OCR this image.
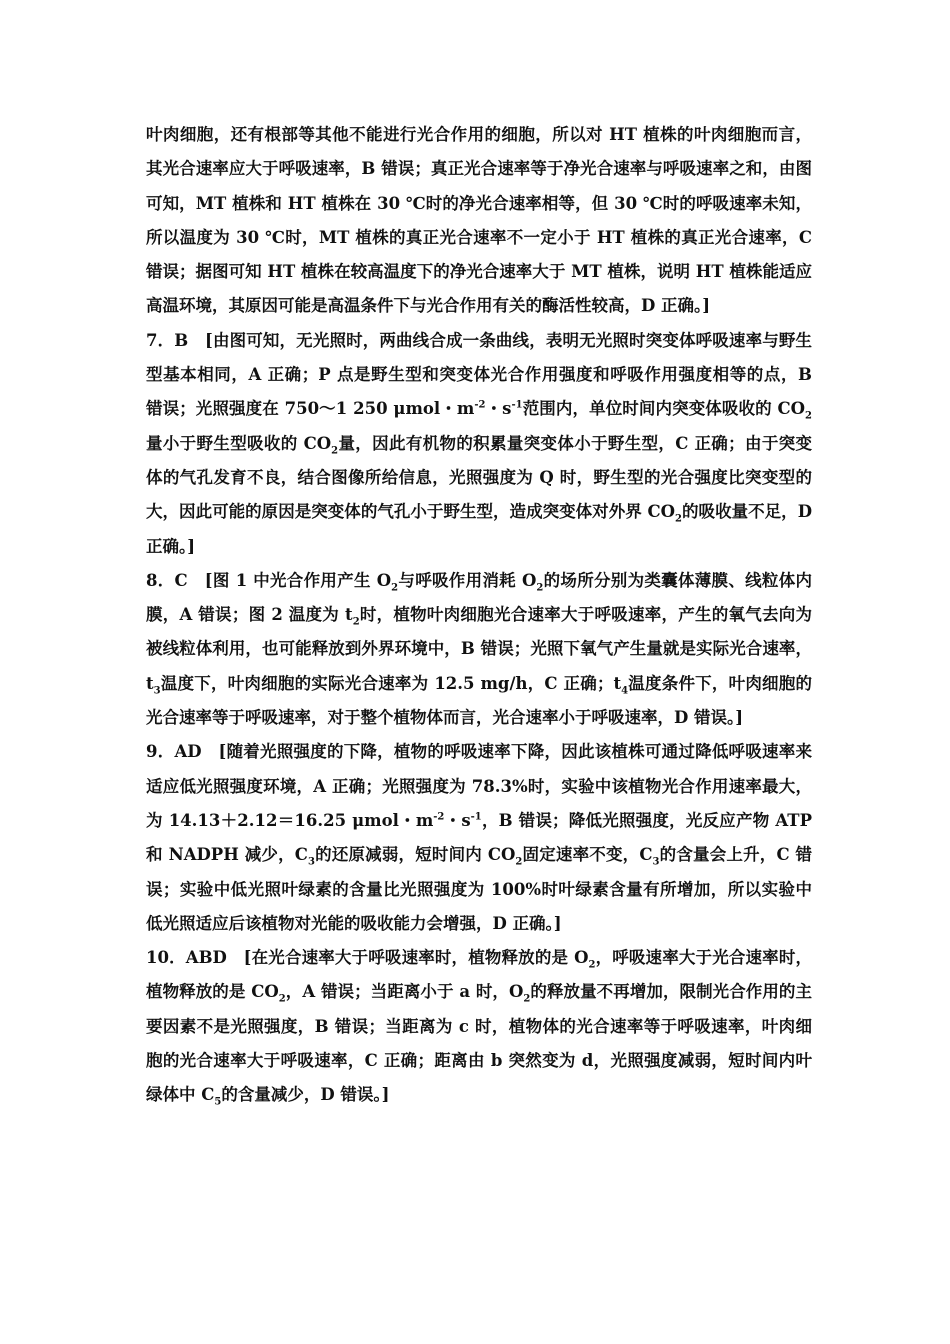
叶肉细胞，还有根部等其他不能进行光合作用的细胞，所以对 HT 植株的叶肉细胞而言，其光合速率应大于呼吸速率，B 错误；真正光合速率等于净光合速率与呼吸速率之和，由图可知，MT 植株和 HT 植株在 30 ℃时的净光合速率相等，但 30 ℃时的呼吸速率未知，所以温度为 30 ℃时，MT 植株的真正光合速率不一定小于 HT 植株的真正光合速率，C 错误；据图可知 HT 植株在较高温度下的净光合速率大于 MT 植株，说明 HT 植株能适应高温环境，其原因可能是高温条件下与光合作用有关的酶活性较高，D 正确。]

7．B　[由图可知，无光照时，两曲线合成一条曲线，表明无光照时突变体呼吸速率与野生型基本相同，A 正确；P 点是野生型和突变体光合作用强度和呼吸作用强度相等的点，B 错误；光照强度在 750～1 250 μmol・$m^{-2}$・$s^{-1}$范围内，单位时间内突变体吸收的 $CO_2$量小于野生型吸收的 $CO_2$量，因此有机物的积累量突变体小于野生型，C 正确；由于突变体的气孔发育不良，结合图像所给信息，光照强度为 Q 时，野生型的光合强度比突变型的大，因此可能的原因是突变体的气孔小于野生型，造成突变体对外界 $CO_2$的吸收量不足，D 正确。]

8．C　[图 1 中光合作用产生 $O_2$与呼吸作用消耗 $O_2$的场所分别为类囊体薄膜、线粒体内膜，A 错误；图 2 温度为 $t_2$时，植物叶肉细胞光合速率大于呼吸速率，产生的氧气去向为被线粒体利用，也可能释放到外界环境中，B 错误；光照下氧气产生量就是实际光合速率，$t_3$温度下，叶肉细胞的实际光合速率为 12.5 mg/h，C 正确；$t_4$温度条件下，叶肉细胞的光合速率等于呼吸速率，对于整个植物体而言，光合速率小于呼吸速率，D 错误。]

9．AD　[随着光照强度的下降，植物的呼吸速率下降，因此该植株可通过降低呼吸速率来适应低光照强度环境，A 正确；光照强度为 78.3%时，实验中该植物光合作用速率最大，为 14.13＋2.12＝16.25 μmol・$m^{-2}$・$s^{-1}$，B 错误；降低光照强度，光反应产物 ATP 和 NADPH 减少，$C_3$的还原减弱，短时间内 $CO_2$固定速率不变，$C_3$的含量会上升，C 错误；实验中低光照叶绿素的含量比光照强度为 100%时叶绿素含量有所增加，所以实验中低光照适应后该植物对光能的吸收能力会增强，D 正确。]

10．ABD　[在光合速率大于呼吸速率时，植物释放的是 $O_2$，呼吸速率大于光合速率时，植物释放的是 $CO_2$，A 错误；当距离小于 a 时，$O_2$的释放量不再增加，限制光合作用的主要因素不是光照强度，B 错误；当距离为 c 时，植物体的光合速率等于呼吸速率，叶肉细胞的光合速率大于呼吸速率，C 正确；距离由 b 突然变为 d，光照强度减弱，短时间内叶绿体中 $C_5$的含量减少，D 错误。]
